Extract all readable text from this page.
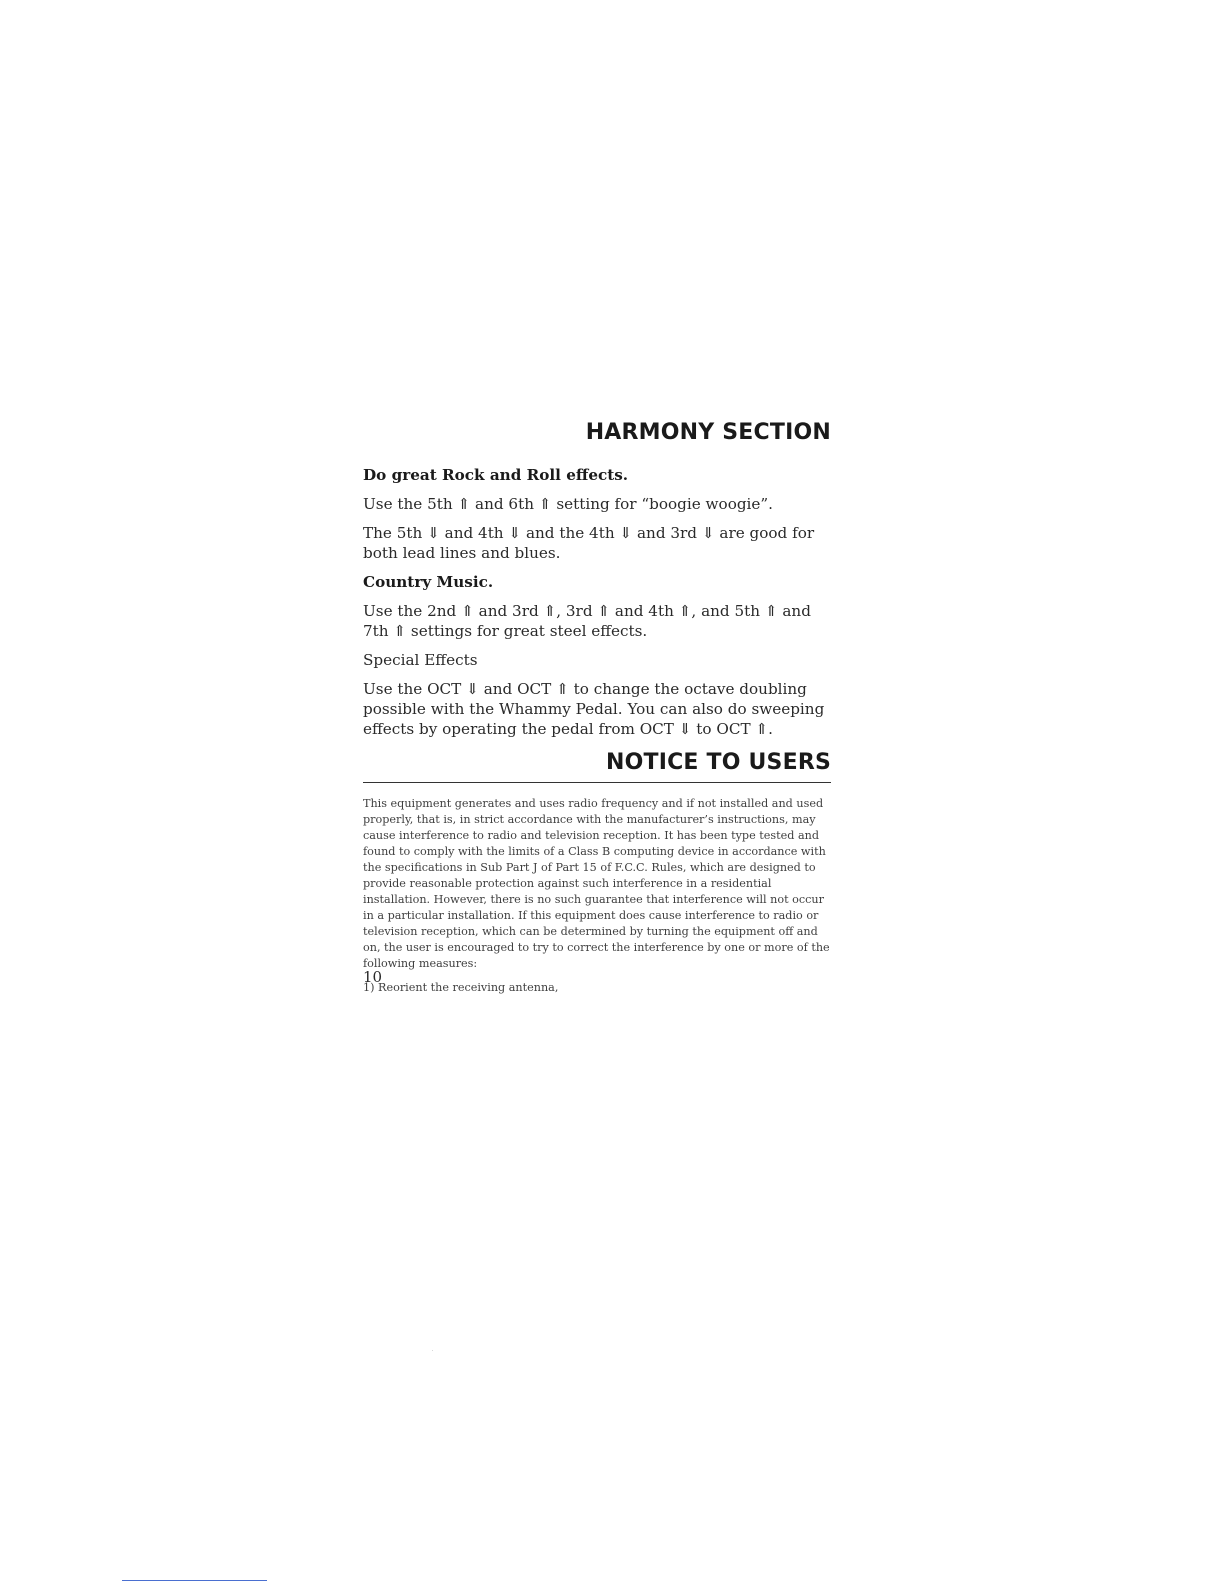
HARMONY SECTION

Do great Rock and Roll effects.

Use the 5th ⇑ and 6th ⇑ setting for “boogie woogie”.

The 5th ⇓ and 4th ⇓ and the 4th ⇓ and 3rd ⇓ are good for both lead lines and blues.

Country Music.

Use the 2nd ⇑ and 3rd ⇑, 3rd ⇑ and 4th ⇑, and 5th ⇑ and 7th ⇑ settings for great steel effects.

Special Effects

Use the OCT ⇓ and OCT ⇑ to change the octave doubling possible with the Whammy Pedal. You can also do sweeping effects by operating the pedal from OCT ⇓ to OCT ⇑.

NOTICE TO USERS

This equipment generates and uses radio frequency and if not installed and used properly, that is, in strict accordance with the manufacturer’s instructions, may cause interference to radio and television reception. It has been type tested and found to comply with the limits of a Class B computing device in accordance with the specifications in Sub Part J of Part 15 of F.C.C. Rules, which are designed to provide reasonable protection against such interference in a residential installation. However, there is no such guarantee that interference will not occur in a particular installation. If this equipment does cause interference to radio or television reception, which can be determined by turning the equipment off and on, the user is encouraged to try to correct the interference by one or more of the following measures:

1) Reorient the receiving antenna,

10
